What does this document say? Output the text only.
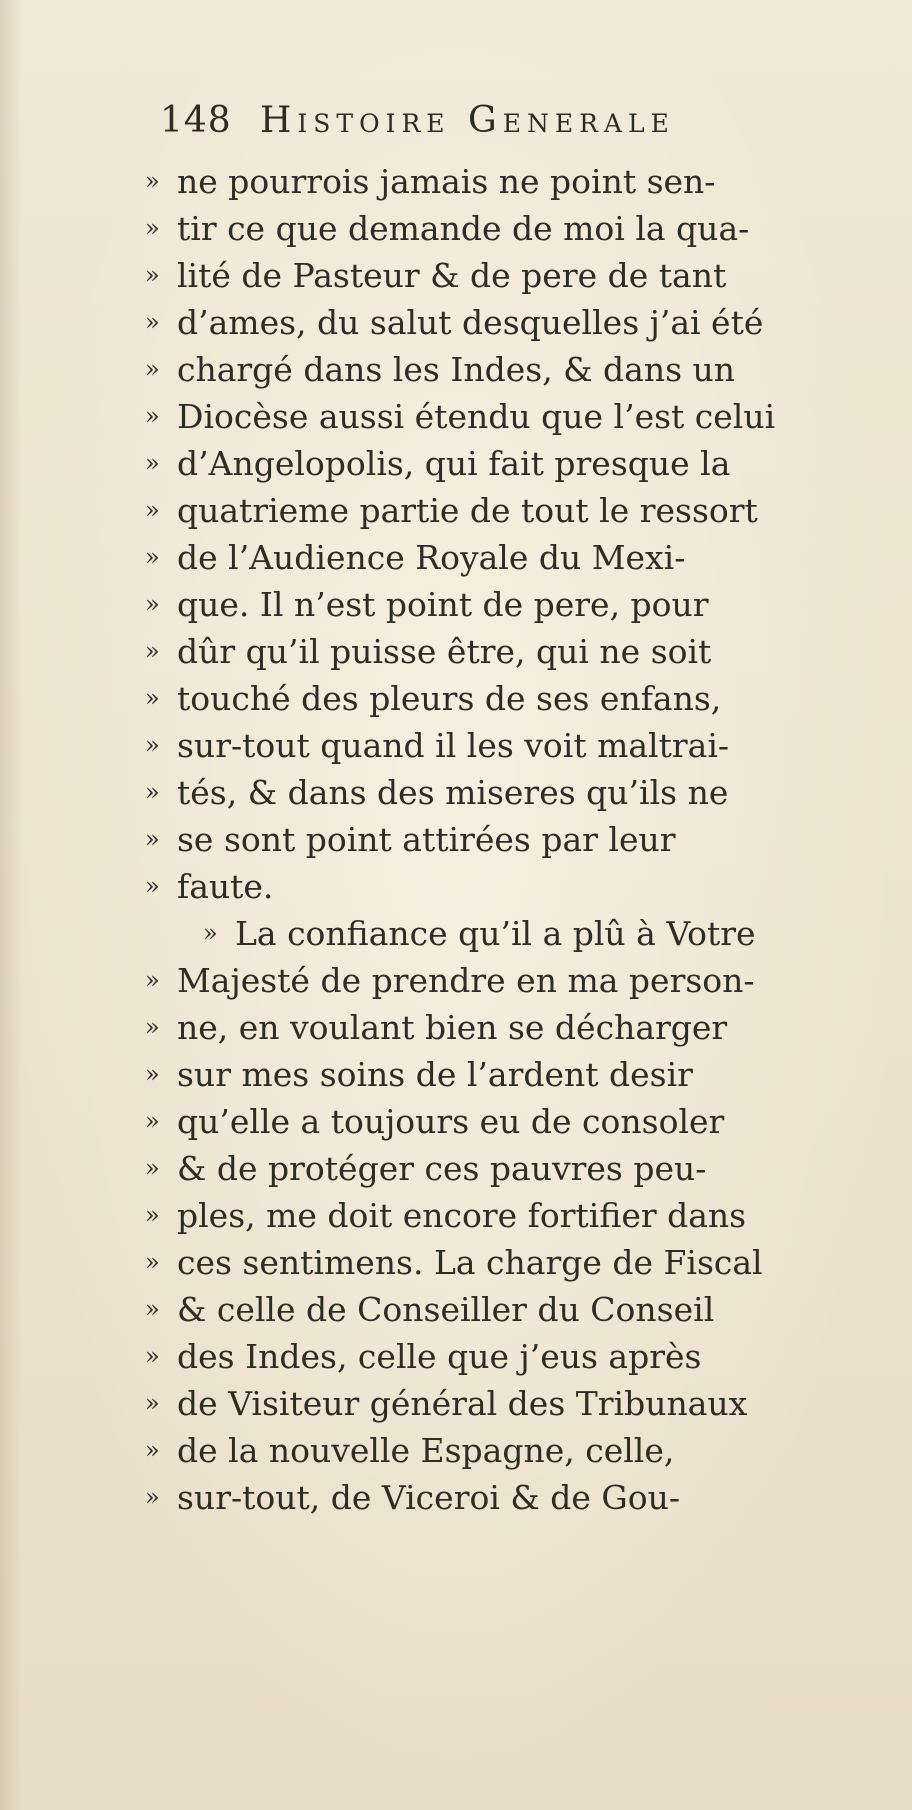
148 Histoire Generale
» ne pourrois jamais ne point sen-
» tir ce que demande de moi la qua-
» lité de Pasteur & de pere de tant
» d’ames, du salut desquelles j’ai été
» chargé dans les Indes, & dans un
» Diocèse aussi étendu que l’est celui
» d’Angelopolis, qui fait presque la
» quatrieme partie de tout le ressort
» de l’Audience Royale du Mexi-
» que. Il n’est point de pere, pour
» dûr qu’il puisse être, qui ne soit
» touché des pleurs de ses enfans,
» sur-tout quand il les voit maltrai-
» tés, & dans des miseres qu’ils ne
» se sont point attirées par leur
» faute.
» La confiance qu’il a plû à Votre
» Majesté de prendre en ma person-
» ne, en voulant bien se décharger
» sur mes soins de l’ardent desir
» qu’elle a toujours eu de consoler
» & de protéger ces pauvres peu-
» ples, me doit encore fortifier dans
» ces sentimens. La charge de Fiscal
» & celle de Conseiller du Conseil
» des Indes, celle que j’eus après
» de Visiteur général des Tribunaux
» de la nouvelle Espagne, celle,
» sur-tout, de Viceroi & de Gou-
